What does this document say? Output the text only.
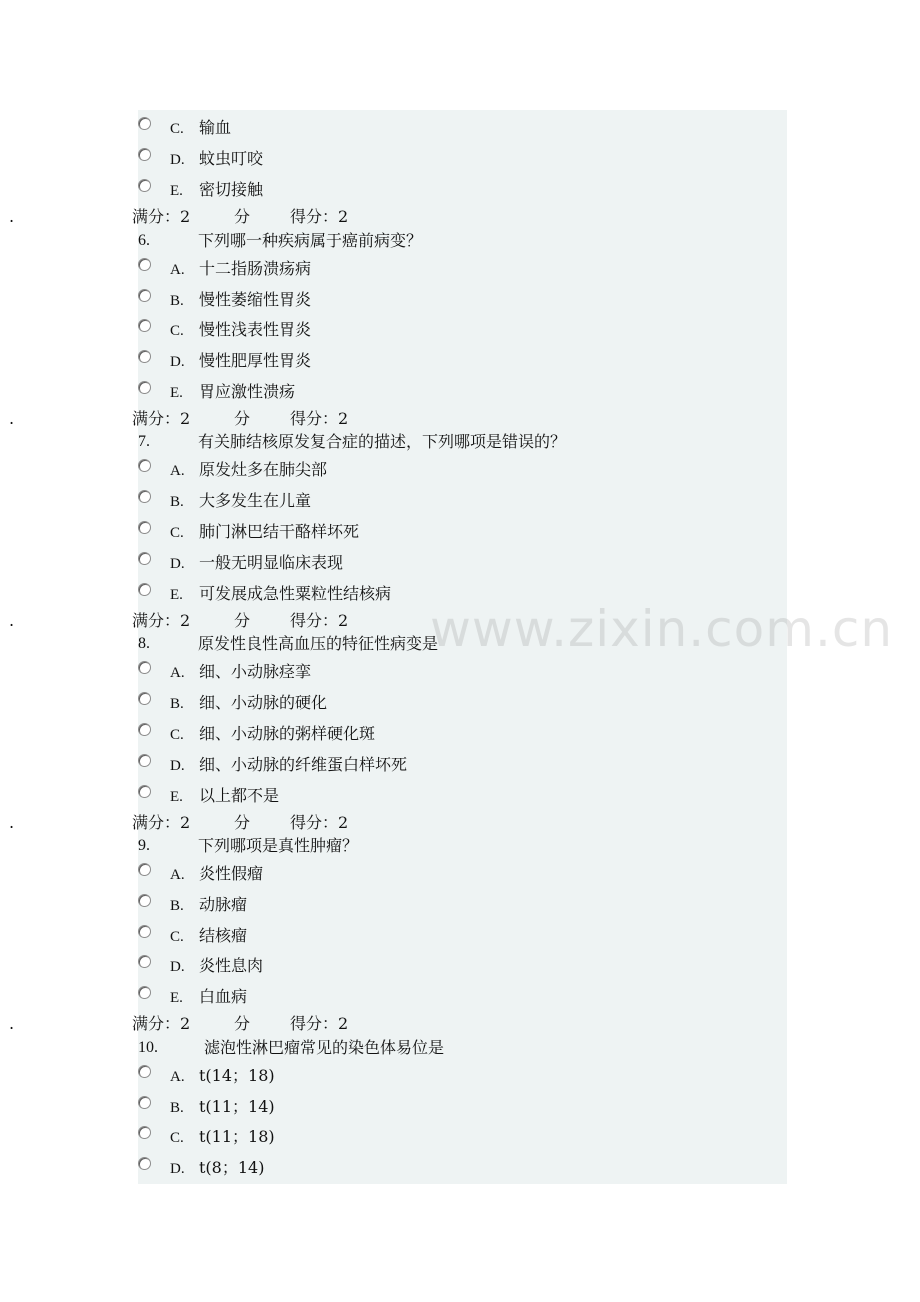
C. 输血
D. 蚊虫叮咬
E. 密切接触
.	满分：2	分 得分：2
6.	下列哪一种疾病属于癌前病变？
A. 十二指肠溃疡病
B. 慢性萎缩性胃炎
C. 慢性浅表性胃炎
D. 慢性肥厚性胃炎
E. 胃应激性溃疡
.	满分：2	分 得分：2
7.	有关肺结核原发复合症的描述，下列哪项是错误的？
A. 原发灶多在肺尖部
B. 大多发生在儿童
C. 肺门淋巴结干酪样坏死
D. 一般无明显临床表现
E. 可发展成急性粟粒性结核病
.	满分：2	分 得分：2
8.	原发性良性高血压的特征性病变是
A. 细、小动脉痉挛
B. 细、小动脉的硬化
C. 细、小动脉的粥样硬化斑
D. 细、小动脉的纤维蛋白样坏死
E. 以上都不是
.	满分：2	分 得分：2
9.	下列哪项是真性肿瘤？
A. 炎性假瘤
B. 动脉瘤
C. 结核瘤
D. 炎性息肉
E. 白血病
.	满分：2	分 得分：2
10.	滤泡性淋巴瘤常见的染色体易位是
A. t(14；18)
B. t(11；14)
C. t(11；18)
D. t(8；14)
www.zixin.com.cn
